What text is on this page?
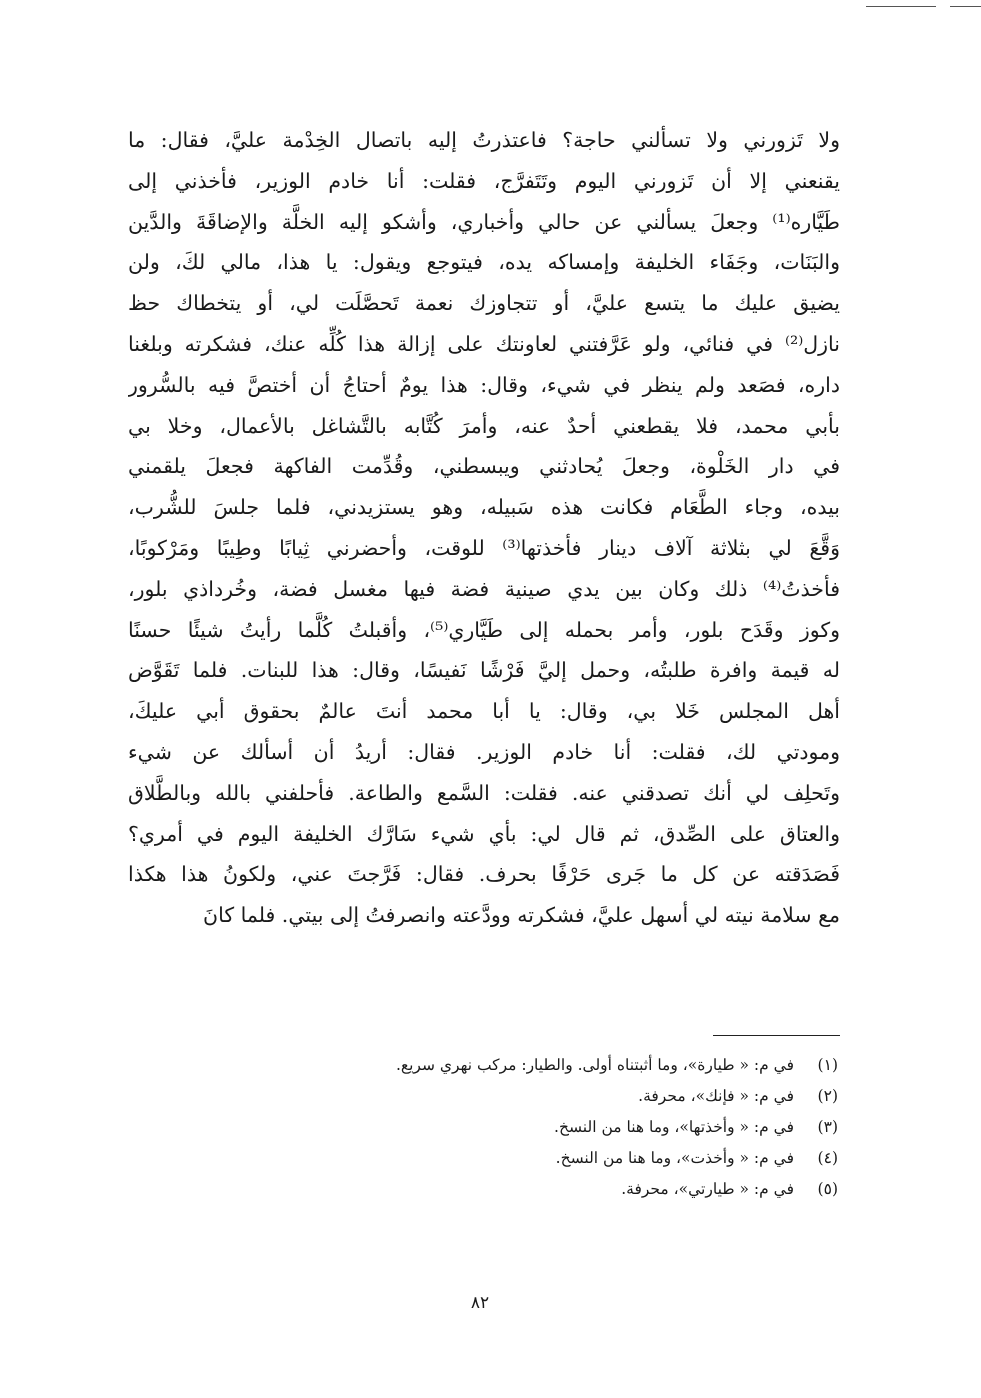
ولا تَزورني ولا تسألني حاجة؟ فاعتذرتُ إليه باتصال الخِدْمة عليَّ، فقال: ما
يقنعني إلا أن تَزورني اليوم وتَتَفرَّج، فقلت: أنا خادم الوزير، فأخذني إلى
طَيَّاره⁽¹⁾ وجعلَ يسألني عن حالي وأخباري، وأشكو إليه الخلَّة والإضاقَةَ والدَّين
والبَنَات، وجَفَاء الخليفة وإمساكه يده، فيتوجع ويقول: يا هذا، مالي لكَ، ولن
يضيق عليك ما يتسع عليَّ، أو تتجاوزك نعمة تَحصَّلَت لي، أو يتخطاك حظ
نازل⁽²⁾ في فنائي، ولو عَرَّفتني لعاونتك على إزالة هذا كُلِّه عنك، فشكرته وبلغنا
داره، فصَعد ولم ينظر في شيء، وقال: هذا يومٌ أحتاجُ أن أختصَّ فيه بالسُّرور
بأبي محمد، فلا يقطعني أحدٌ عنه، وأمرَ كُتَّابه بالتَّشاغل بالأعمال، وخلا بي
في دار الخَلْوة، وجعلَ يُحادثني ويبسطني، وقُدِّمت الفاكهة فجعلَ يلقمني
بيده، وجاء الطَّعَام فكانت هذه سَبيله، وهو يستزيدني، فلما جلسَ للشُّرب،
وَقَّعَ لي بثلاثة آلاف دينار فأخذتها⁽³⁾ للوقت، وأحضرني ثِيابًا وطِيبًا ومَرْكوبًا،
فأخذتُ⁽⁴⁾ ذلك وكان بين يدي صينية فضة فيها مغسل فضة، وخُرداذي بلور،
وكوز وقَدَح بلور، وأمر بحمله إلى طَيَّاري⁽⁵⁾، وأقبلتُ كُلَّما رأيتُ شيئًا حسنًا
له قيمة وافرة طلبتُه، وحمل إليَّ فَرْشًا نَفيسًا، وقال: هذا للبنات. فلما تَقَوَّض
أهل المجلس خَلا بي، وقال: يا أبا محمد أنتَ عالمٌ بحقوق أبي عليكَ،
ومودتي لك، فقلت: أنا خادم الوزير. فقال: أريدُ أن أسألك عن شيء
وتَحلِف لي أنك تصدقني عنه. فقلت: السَّمع والطاعة. فأحلفني بالله وبالطَّلاق
والعتاق على الصِّدق، ثم قال لي: بأي شيء سَارَّك الخليفة اليوم في أمري؟
فَصَدَقته عن كل ما جَرى حَرْفًا بحرف. فقال: فَرَّجتَ عني، ولكونُ هذا هكذا
مع سلامة نيته لي أسهل عليَّ، فشكرته وودَّعته وانصرفتُ إلى بيتي. فلما كانَ
(١)
في م: « طيارة»، وما أثبتناه أولى. والطيار: مركب نهري سريع.
(٢)
في م: « فإنك»، محرفة.
(٣)
في م: « وأخذتها»، وما هنا من النسخ.
(٤)
في م: « وأخذت»، وما هنا من النسخ.
(٥)
في م: « طيارتي»، محرفة.
٨٢
